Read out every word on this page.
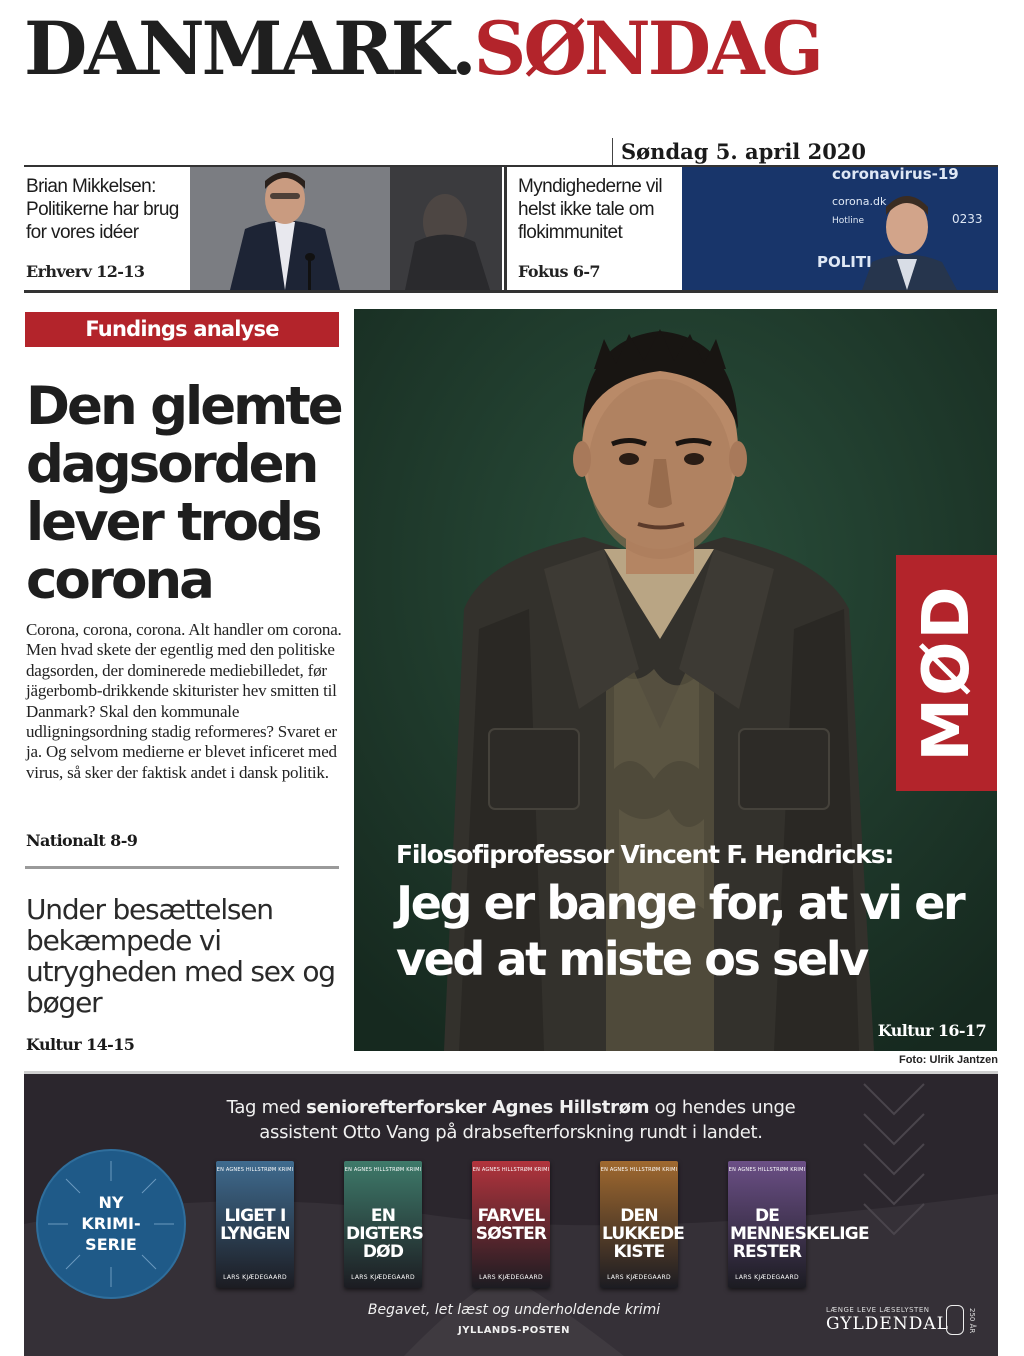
DANMARK.SØNDAG
Søndag 5. april 2020
Brian Mikkelsen: Politikerne har brug for vores idéer
Erhverv 12-13
Myndighederne vil helst ikke tale om flokimmunitet
Fokus 6-7
coronavirus-19
corona.dk
Hotline	0233
POLITI
Fundings analyse
Den glemte dagsorden lever trods corona
Corona, corona, corona. Alt handler om corona. Men hvad skete der egentlig med den politiske dagsorden, der dominerede mediebilledet, før jägerbomb-drikkende skiturister hev smitten til Danmark? Skal den kommunale udligningsordning stadig reformeres? Svaret er ja. Og selvom medierne er blevet inficeret med virus, så sker der faktisk andet i dansk politik.
Nationalt 8-9
Under besættelsen bekæmpede vi utrygheden med sex og bøger
Kultur 14-15
MØD
Filosofiprofessor Vincent F. Hendricks:
Jeg er bange for, at vi er ved at miste os selv
Kultur 16-17
Foto: Ulrik Jantzen
Tag med seniorefterforsker Agnes Hillstrøm og hendes unge
assistent Otto Vang på drabsefterforskning rundt i landet.
NY
KRIMI-
SERIE
EN AGNES HILLSTRØM KRIMI
LIGET I LYNGEN
LARS KJÆDEGAARD
EN AGNES HILLSTRØM KRIMI
EN DIGTERS DØD
LARS KJÆDEGAARD
EN AGNES HILLSTRØM KRIMI
FARVEL SØSTER
LARS KJÆDEGAARD
EN AGNES HILLSTRØM KRIMI
DEN LUKKEDE KISTE
LARS KJÆDEGAARD
EN AGNES HILLSTRØM KRIMI
DE MENNESKELIGE RESTER
LARS KJÆDEGAARD
Begavet, let læst og underholdende krimi
JYLLANDS-POSTEN
LÆNGE LEVE LÆSELYSTEN
GYLDENDAL	250 ÅR
